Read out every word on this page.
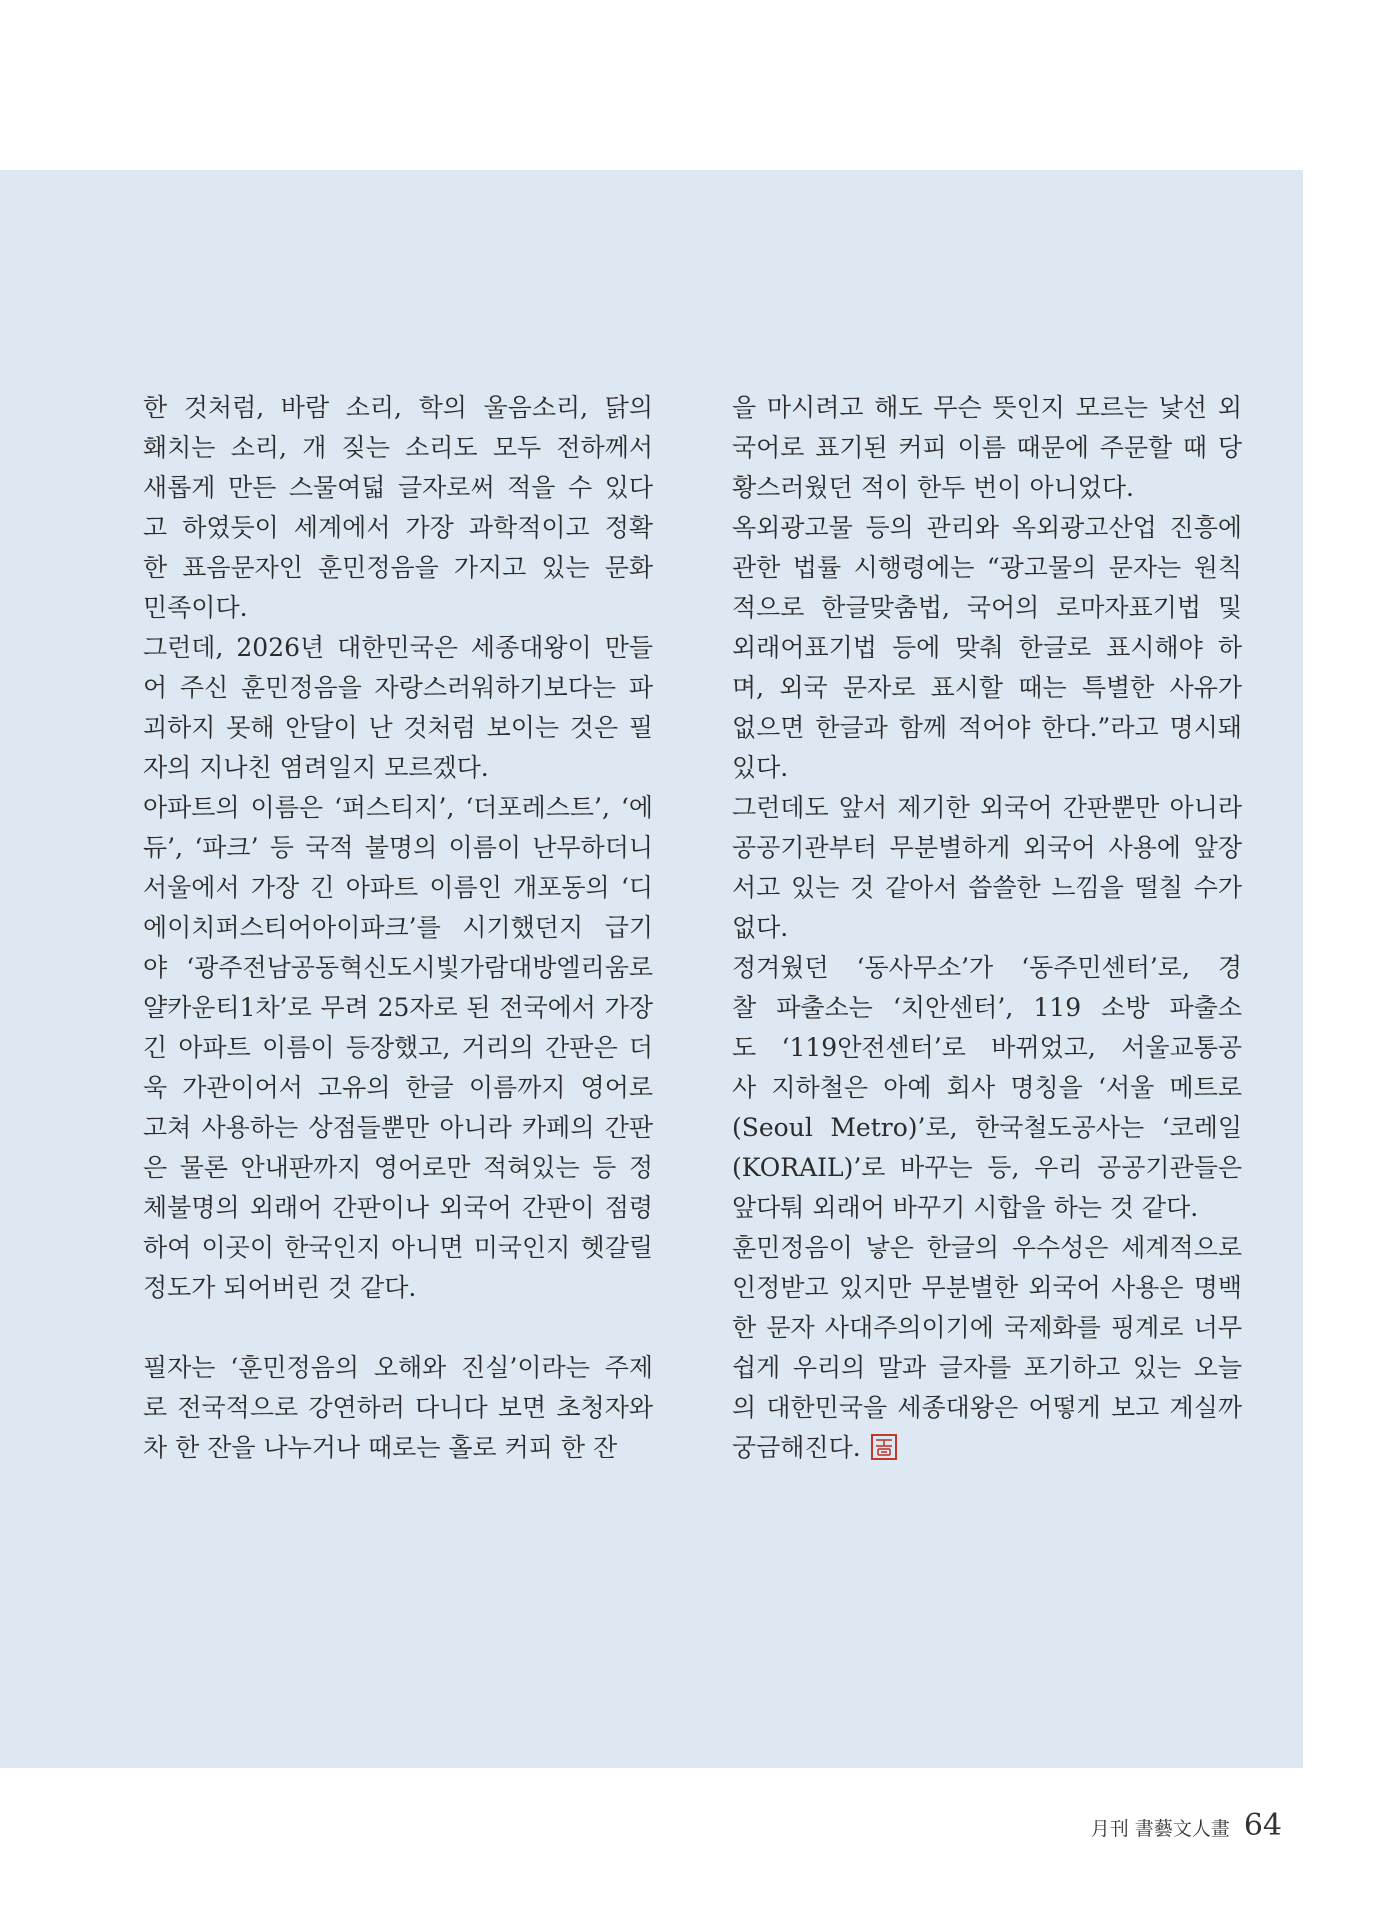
한 것처럼, 바람 소리, 학의 울음소리, 닭의
홰치는 소리, 개 짖는 소리도 모두 전하께서
새롭게 만든 스물여덟 글자로써 적을 수 있다
고 하였듯이 세계에서 가장 과학적이고 정확
한 표음문자인 훈민정음을 가지고 있는 문화
민족이다.
그런데, 2026년 대한민국은 세종대왕이 만들
어 주신 훈민정음을 자랑스러워하기보다는 파
괴하지 못해 안달이 난 것처럼 보이는 것은 필
자의 지나친 염려일지 모르겠다.
아파트의 이름은 ‘퍼스티지’, ‘더포레스트’, ‘에
듀’, ‘파크’ 등 국적 불명의 이름이 난무하더니
서울에서 가장 긴 아파트 이름인 개포동의 ‘디
에이치퍼스티어아이파크’를 시기했던지 급기
야 ‘광주전남공동혁신도시빛가람대방엘리움로
얄카운티1차’로 무려 25자로 된 전국에서 가장
긴 아파트 이름이 등장했고, 거리의 간판은 더
욱 가관이어서 고유의 한글 이름까지 영어로
고쳐 사용하는 상점들뿐만 아니라 카페의 간판
은 물론 안내판까지 영어로만 적혀있는 등 정
체불명의 외래어 간판이나 외국어 간판이 점령
하여 이곳이 한국인지 아니면 미국인지 헷갈릴
정도가 되어버린 것 같다.
필자는 ‘훈민정음의 오해와 진실’이라는 주제
로 전국적으로 강연하러 다니다 보면 초청자와
차 한 잔을 나누거나 때로는 홀로 커피 한 잔
을 마시려고 해도 무슨 뜻인지 모르는 낯선 외
국어로 표기된 커피 이름 때문에 주문할 때 당
황스러웠던 적이 한두 번이 아니었다.
옥외광고물 등의 관리와 옥외광고산업 진흥에
관한 법률 시행령에는 “광고물의 문자는 원칙
적으로 한글맞춤법, 국어의 로마자표기법 및
외래어표기법 등에 맞춰 한글로 표시해야 하
며, 외국 문자로 표시할 때는 특별한 사유가
없으면 한글과 함께 적어야 한다.”라고 명시돼
있다.
그런데도 앞서 제기한 외국어 간판뿐만 아니라
공공기관부터 무분별하게 외국어 사용에 앞장
서고 있는 것 같아서 씁쓸한 느낌을 떨칠 수가
없다.
정겨웠던 ‘동사무소’가 ‘동주민센터’로, 경
찰 파출소는 ‘치안센터’, 119 소방 파출소
도 ‘119안전센터’로 바뀌었고, 서울교통공
사 지하철은 아예 회사 명칭을 ‘서울 메트로
(Seoul Metro)’로, 한국철도공사는 ‘코레일
(KORAIL)’로 바꾸는 등, 우리 공공기관들은
앞다퉈 외래어 바꾸기 시합을 하는 것 같다.
훈민정음이 낳은 한글의 우수성은 세계적으로
인정받고 있지만 무분별한 외국어 사용은 명백
한 문자 사대주의이기에 국제화를 핑계로 너무
쉽게 우리의 말과 글자를 포기하고 있는 오늘
의 대한민국을 세종대왕은 어떻게 보고 계실까
궁금해진다.
月刊 書藝文人畫 64
